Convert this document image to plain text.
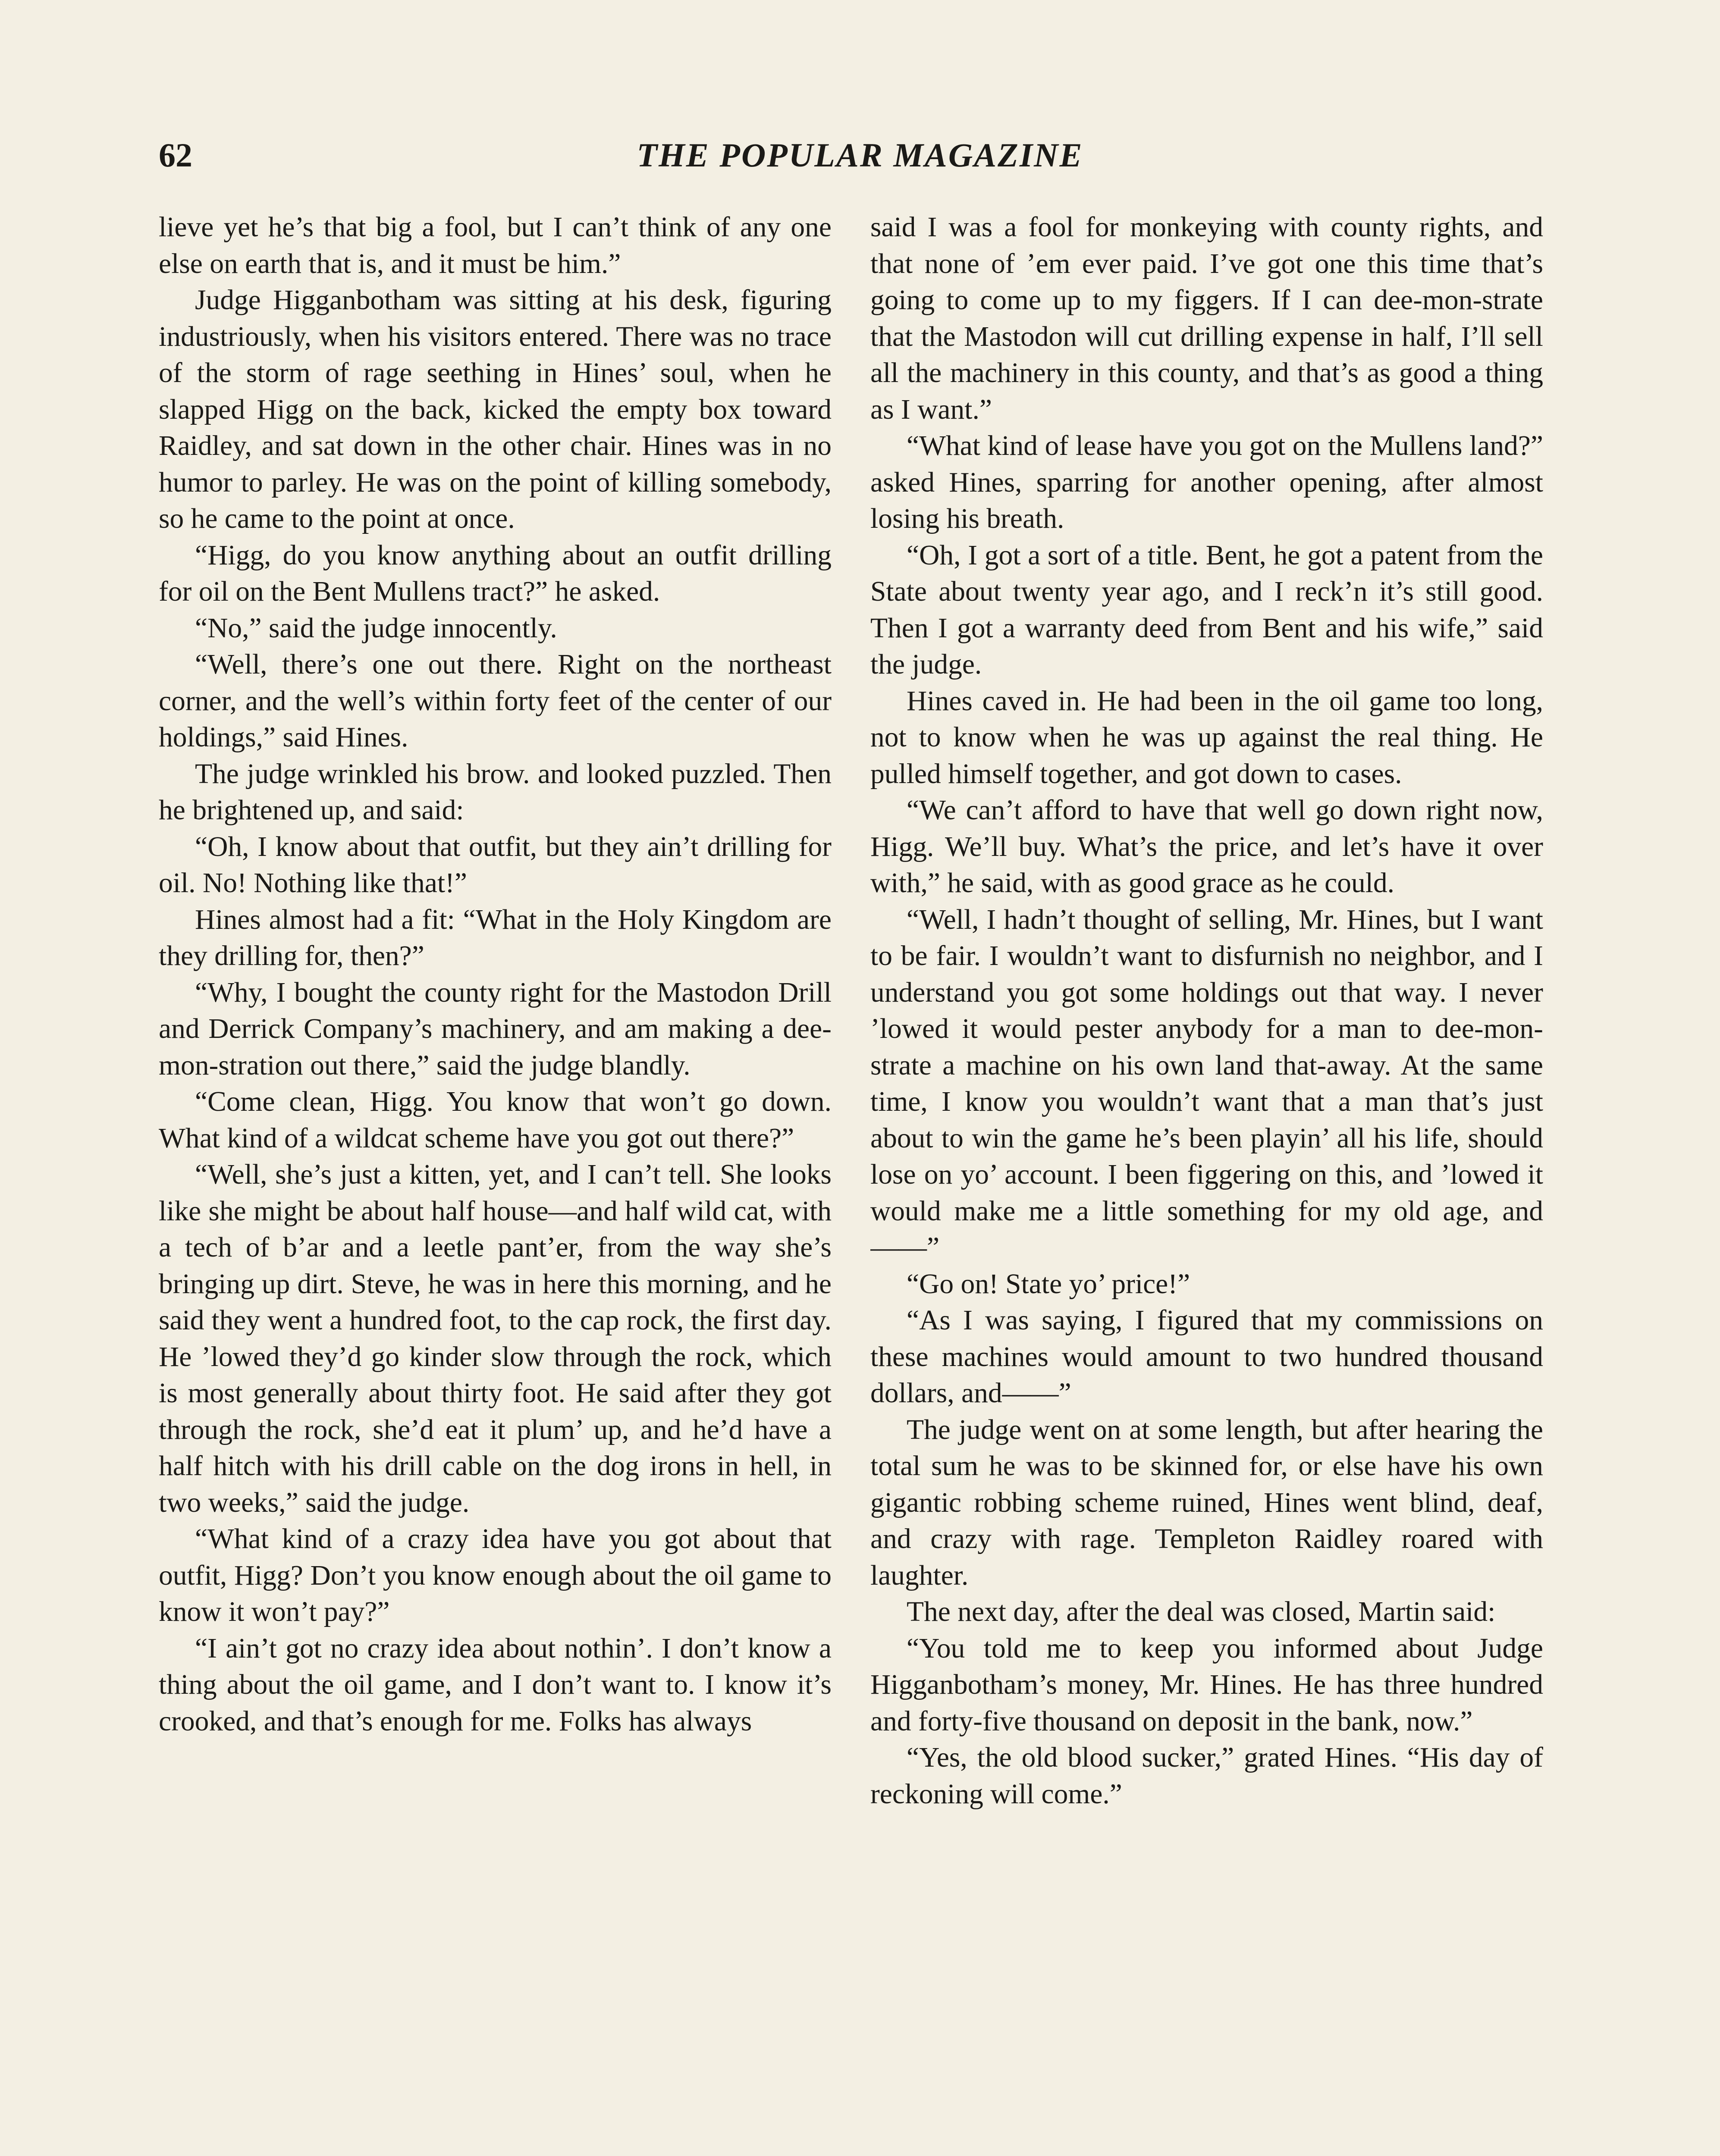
62	THE POPULAR MAGAZINE

lieve yet he’s that big a fool, but I can’t think of any one else on earth that is, and it must be him.”

Judge Higganbotham was sitting at his desk, figuring industriously, when his visitors entered. There was no trace of the storm of rage seething in Hines’ soul, when he slapped Higg on the back, kicked the empty box toward Raidley, and sat down in the other chair. Hines was in no humor to parley. He was on the point of killing somebody, so he came to the point at once.

“Higg, do you know anything about an outfit drilling for oil on the Bent Mullens tract?” he asked.

“No,” said the judge innocently.

“Well, there’s one out there. Right on the northeast corner, and the well’s within forty feet of the center of our holdings,” said Hines.

The judge wrinkled his brow. and looked puzzled. Then he brightened up, and said:

“Oh, I know about that outfit, but they ain’t drilling for oil. No! Nothing like that!”

Hines almost had a fit: “What in the Holy Kingdom are they drilling for, then?”

“Why, I bought the county right for the Mastodon Drill and Derrick Company’s machinery, and am making a dee-mon-stration out there,” said the judge blandly.

“Come clean, Higg. You know that won’t go down. What kind of a wildcat scheme have you got out there?”

“Well, she’s just a kitten, yet, and I can’t tell. She looks like she might be about half house—and half wild cat, with a tech of b’ar and a leetle pant’er, from the way she’s bringing up dirt. Steve, he was in here this morning, and he said they went a hundred foot, to the cap rock, the first day. He ’lowed they’d go kinder slow through the rock, which is most generally about thirty foot. He said after they got through the rock, she’d eat it plum’ up, and he’d have a half hitch with his drill cable on the dog irons in hell, in two weeks,” said the judge.

“What kind of a crazy idea have you got about that outfit, Higg? Don’t you know enough about the oil game to know it won’t pay?”

“I ain’t got no crazy idea about nothin’. I don’t know a thing about the oil game, and I don’t want to. I know it’s crooked, and that’s enough for me. Folks has always

said I was a fool for monkeying with county rights, and that none of ’em ever paid. I’ve got one this time that’s going to come up to my figgers. If I can dee-mon-strate that the Mastodon will cut drilling expense in half, I’ll sell all the machinery in this county, and that’s as good a thing as I want.”

“What kind of lease have you got on the Mullens land?” asked Hines, sparring for another opening, after almost losing his breath.

“Oh, I got a sort of a title. Bent, he got a patent from the State about twenty year ago, and I reck’n it’s still good. Then I got a warranty deed from Bent and his wife,” said the judge.

Hines caved in. He had been in the oil game too long, not to know when he was up against the real thing. He pulled himself together, and got down to cases.

“We can’t afford to have that well go down right now, Higg. We’ll buy. What’s the price, and let’s have it over with,” he said, with as good grace as he could.

“Well, I hadn’t thought of selling, Mr. Hines, but I want to be fair. I wouldn’t want to disfurnish no neighbor, and I understand you got some holdings out that way. I never ’lowed it would pester anybody for a man to dee-mon-strate a machine on his own land that-away. At the same time, I know you wouldn’t want that a man that’s just about to win the game he’s been playin’ all his life, should lose on yo’ account. I been figgering on this, and ’lowed it would make me a little something for my old age, and——”

“Go on! State yo’ price!”

“As I was saying, I figured that my commissions on these machines would amount to two hundred thousand dollars, and——”

The judge went on at some length, but after hearing the total sum he was to be skinned for, or else have his own gigantic robbing scheme ruined, Hines went blind, deaf, and crazy with rage. Templeton Raidley roared with laughter.

The next day, after the deal was closed, Martin said:

“You told me to keep you informed about Judge Higganbotham’s money, Mr. Hines. He has three hundred and forty-five thousand on deposit in the bank, now.”

“Yes, the old blood sucker,” grated Hines. “His day of reckoning will come.”
